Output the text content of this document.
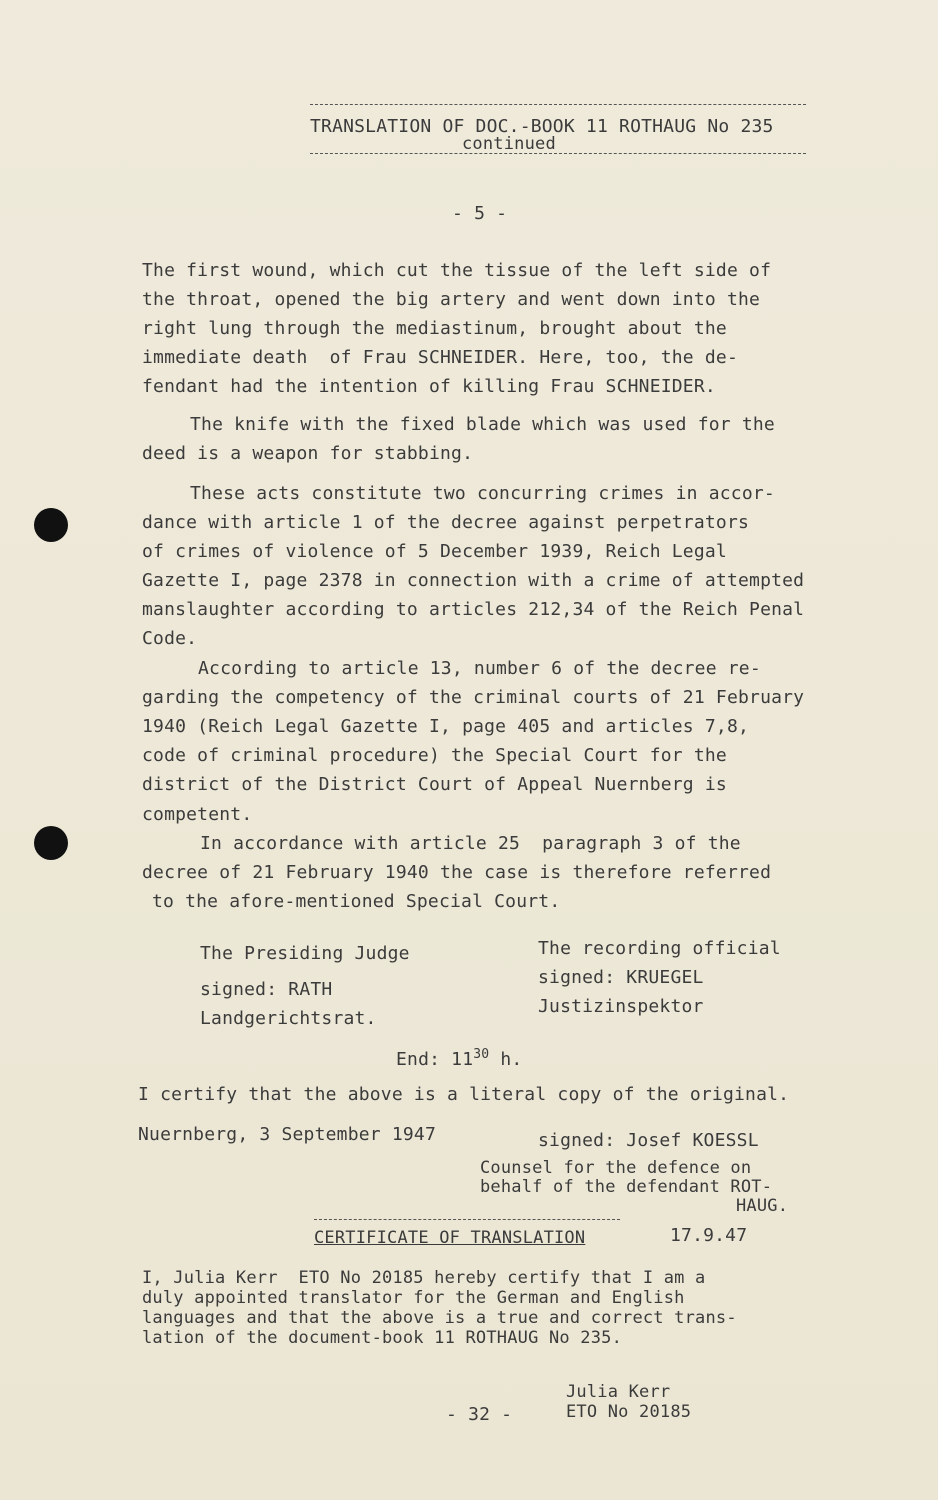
TRANSLATION OF DOC.-BOOK 11 ROTHAUG No 235
continued
- 5 -
The first wound, which cut the tissue of the left side of
the throat, opened the big artery and went down into the
right lung through the mediastinum, brought about the
immediate death  of Frau SCHNEIDER. Here, too, the de-
fendant had the intention of killing Frau SCHNEIDER.
The knife with the fixed blade which was used for the
deed is a weapon for stabbing.
These acts constitute two concurring crimes in accor-
dance with article 1 of the decree against perpetrators
of crimes of violence of 5 December 1939, Reich Legal
Gazette I, page 2378 in connection with a crime of attempted
manslaughter according to articles 212,34 of the Reich Penal
Code.
According to article 13, number 6 of the decree re-
garding the competency of the criminal courts of 21 February
1940 (Reich Legal Gazette I, page 405 and articles 7,8,
code of criminal procedure) the Special Court for the
district of the District Court of Appeal Nuernberg is
competent.
In accordance with article 25  paragraph 3 of the
decree of 21 February 1940 the case is therefore referred
to the afore-mentioned Special Court.
The Presiding Judge
signed: RATH
Landgerichtsrat.
The recording official
signed: KRUEGEL
Justizinspektor
End: $11^{30}$ h.
I certify that the above is a literal copy of the original.
Nuernberg, 3 September 1947	signed: Josef KOESSL
Counsel for the defence on
behalf of the defendant ROT-
HAUG.
CERTIFICATE OF TRANSLATION	17.9.47
I, Julia Kerr  ETO No 20185 hereby certify that I am a
duly appointed translator for the German and English
languages and that the above is a true and correct trans-
lation of the document-book 11 ROTHAUG No 235.
Julia Kerr
ETO No 20185
- 32 -
